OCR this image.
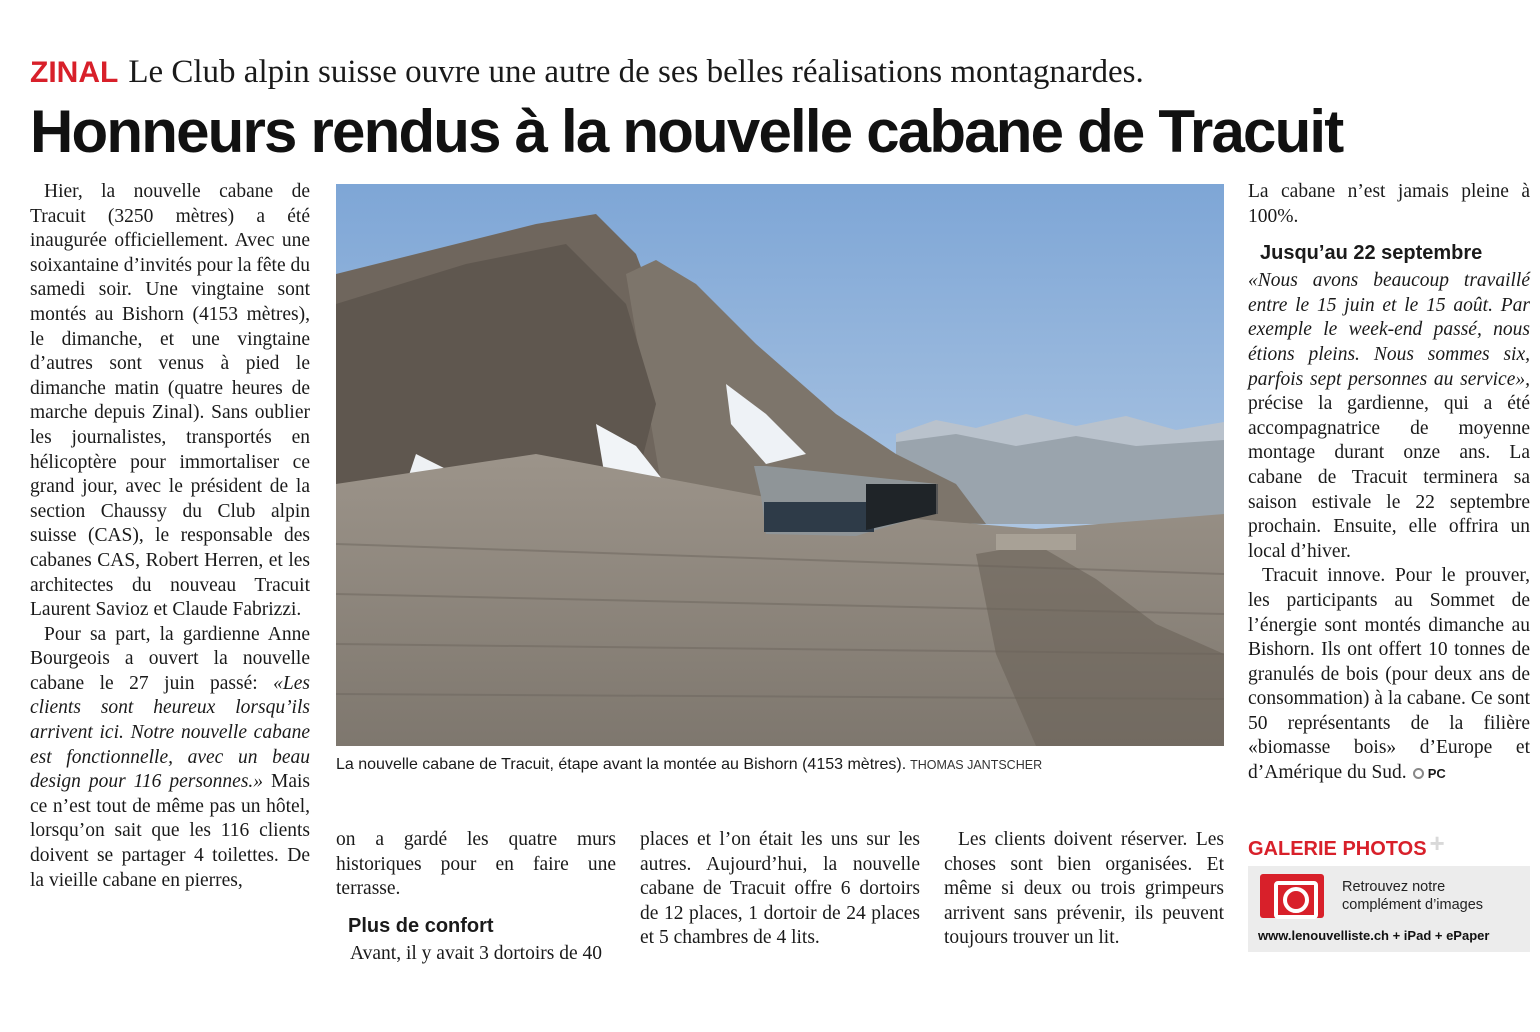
ZINAL Le Club alpin suisse ouvre une autre de ses belles réalisations montagnardes.
Honneurs rendus à la nouvelle cabane de Tracuit

Hier, la nouvelle cabane de Tracuit (3250 mètres) a été inaugurée officiellement. Avec une soixantaine d’invités pour la fête du samedi soir. Une vingtaine sont montés au Bishorn (4153 mètres), le dimanche, et une vingtaine d’autres sont venus à pied le dimanche matin (quatre heures de marche depuis Zinal). Sans oublier les journalistes, transportés en hélicoptère pour immortaliser ce grand jour, avec le président de la section Chaussy du Club alpin suisse (CAS), le responsable des cabanes CAS, Robert Herren, et les architectes du nouveau Tracuit Laurent Savioz et Claude Fabrizzi.

Pour sa part, la gardienne Anne Bourgeois a ouvert la nouvelle cabane le 27 juin passé: «Les clients sont heureux lorsqu’ils arrivent ici. Notre nouvelle cabane est fonctionnelle, avec un beau design pour 116 personnes.» Mais ce n’est tout de même pas un hôtel, lorsqu’on sait que les 116 clients doivent se partager 4 toilettes. De la vieille cabane en pierres,

La nouvelle cabane de Tracuit, étape avant la montée au Bishorn (4153 mètres). THOMAS JANTSCHER

on a gardé les quatre murs historiques pour en faire une terrasse.

Plus de confort

Avant, il y avait 3 dortoirs de 40

places et l’on était les uns sur les autres. Aujourd’hui, la nouvelle cabane de Tracuit offre 6 dortoirs de 12 places, 1 dortoir de 24 places et 5 chambres de 4 lits.

Les clients doivent réserver. Les choses sont bien organisées. Et même si deux ou trois grimpeurs arrivent sans prévenir, ils peuvent toujours trouver un lit.

La cabane n’est jamais pleine à 100%.

Jusqu’au 22 septembre

«Nous avons beaucoup travaillé entre le 15 juin et le 15 août. Par exemple le week-end passé, nous étions pleins. Nous sommes six, parfois sept personnes au service», précise la gardienne, qui a été accompagnatrice de moyenne montage durant onze ans. La cabane de Tracuit terminera sa saison estivale le 22 septembre prochain. Ensuite, elle offrira un local d’hiver.

Tracuit innove. Pour le prouver, les participants au Sommet de l’énergie sont montés dimanche au Bishorn. Ils ont offert 10 tonnes de granulés de bois (pour deux ans de consommation) à la cabane. Ce sont 50 représentants de la filière «biomasse bois» d’Europe et d’Amérique du Sud. PC

GALERIE PHOTOS +
Retrouvez notre complément d’images
www.lenouvelliste.ch + iPad + ePaper
